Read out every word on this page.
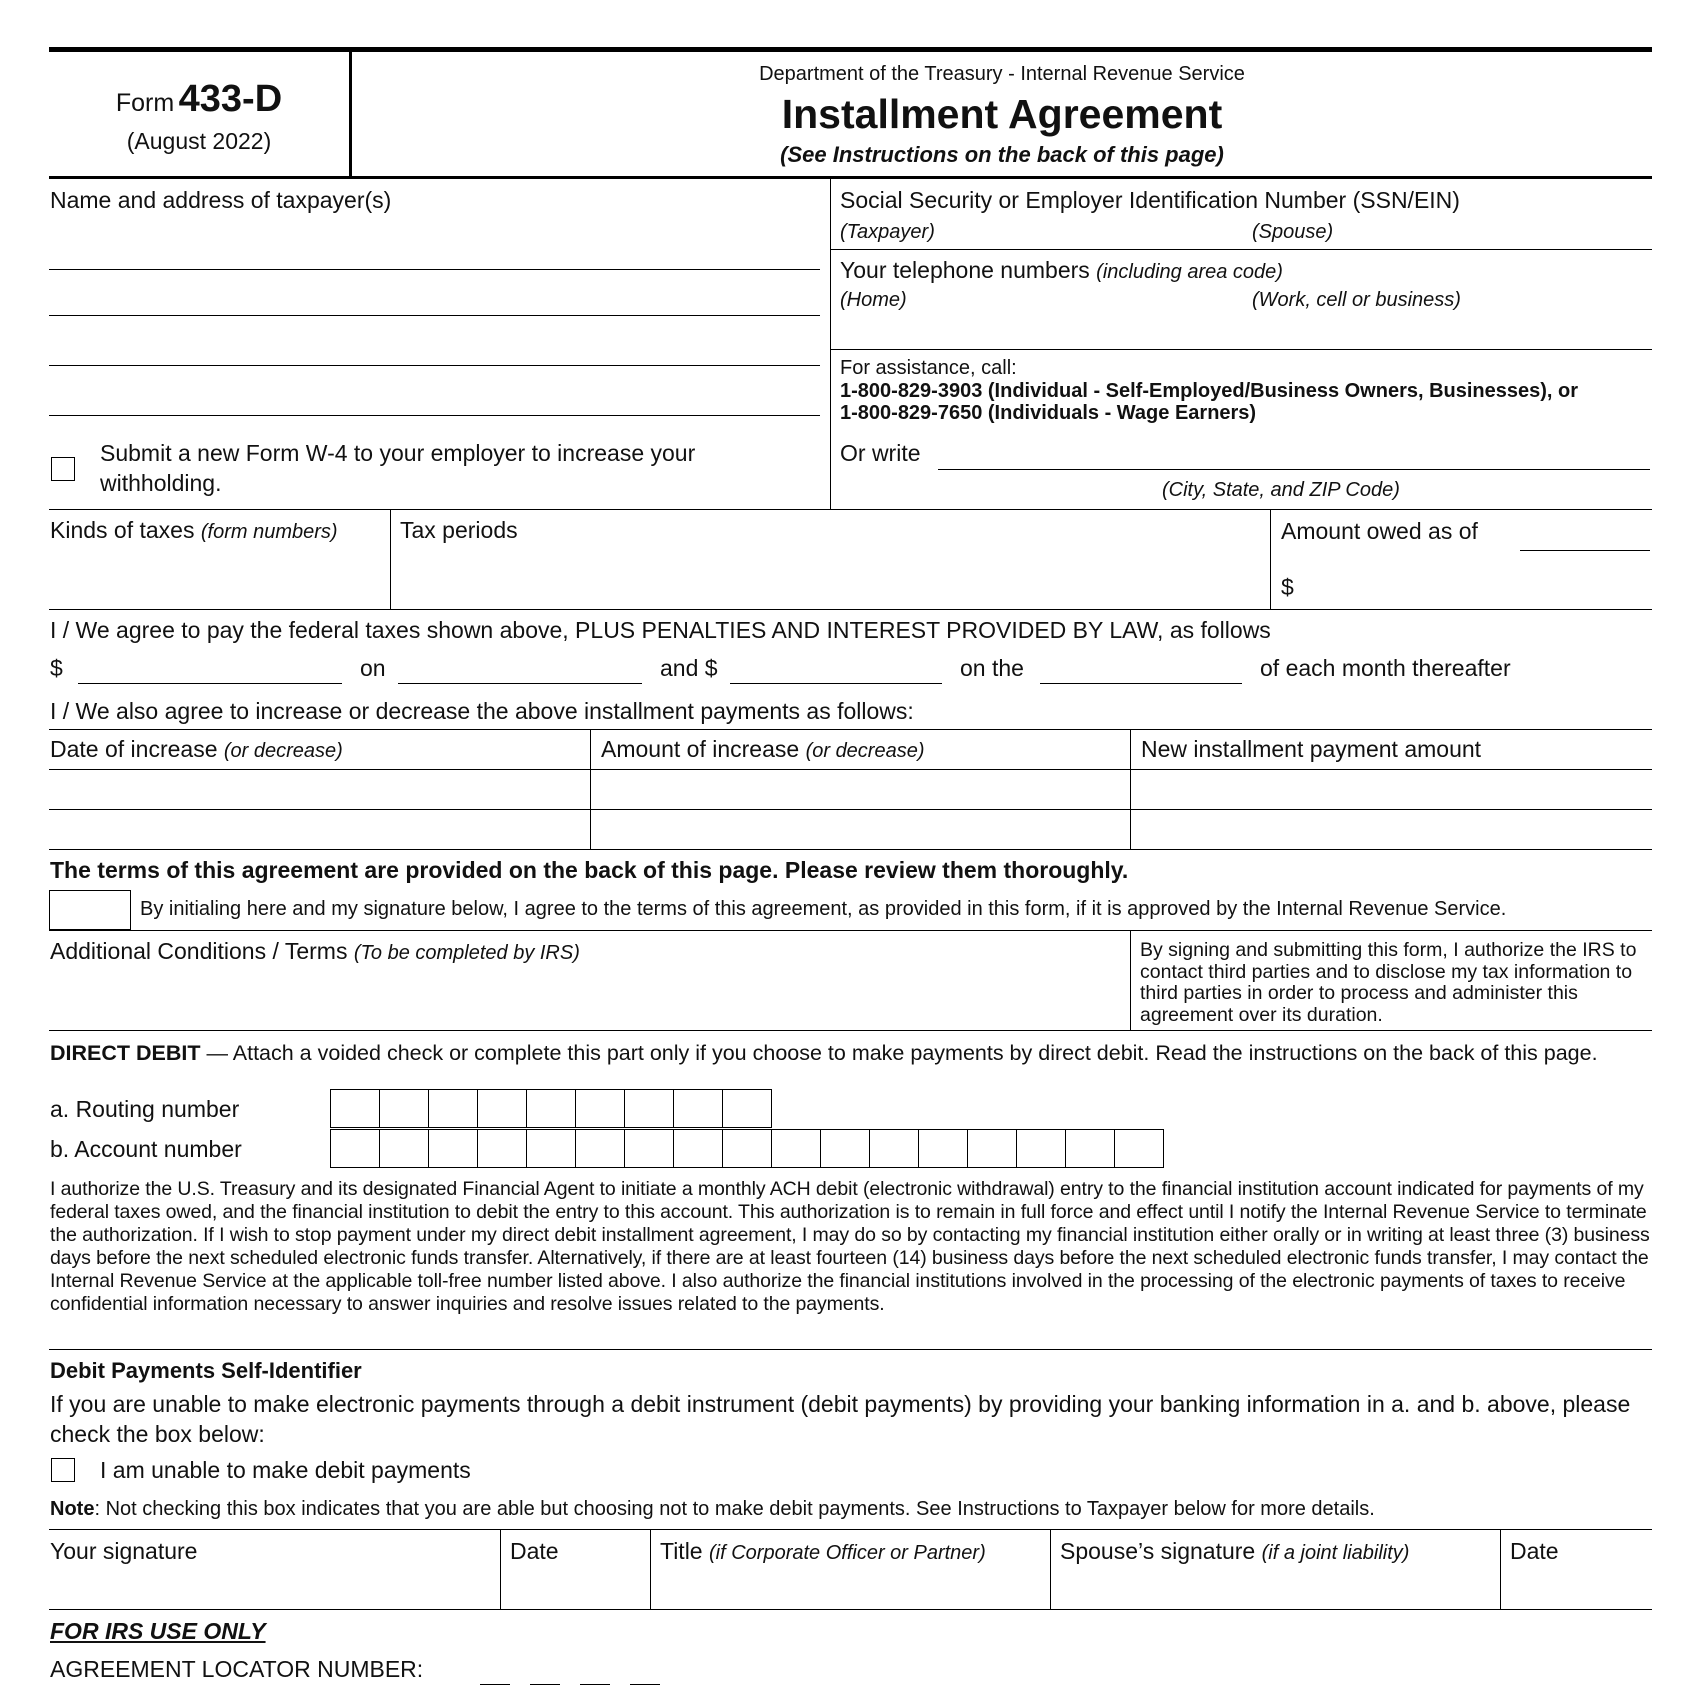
Form 433-D
(August 2022)
Department of the Treasury - Internal Revenue Service
Installment Agreement
(See Instructions on the back of this page)
Name and address of taxpayer(s)
Submit a new Form W-4 to your employer to increase your
withholding.
Social Security or Employer Identification Number (SSN/EIN)
(Taxpayer)	(Spouse)
Your telephone numbers (including area code)
(Home)	(Work, cell or business)
For assistance, call:
1-800-829-3903 (Individual - Self-Employed/Business Owners, Businesses), or
1-800-829-7650 (Individuals - Wage Earners)
Or write
(City, State, and ZIP Code)
Kinds of taxes (form numbers)	Tax periods	Amount owed as of
$
I / We agree to pay the federal taxes shown above, PLUS PENALTIES AND INTEREST PROVIDED BY LAW, as follows
$	on	and $	on the	of each month thereafter
I / We also agree to increase or decrease the above installment payments as follows:
Date of increase (or decrease)	Amount of increase (or decrease)	New installment payment amount
The terms of this agreement are provided on the back of this page. Please review them thoroughly.
By initialing here and my signature below, I agree to the terms of this agreement, as provided in this form, if it is approved by the Internal Revenue Service.
Additional Conditions / Terms (To be completed by IRS)	By signing and submitting this form, I authorize the IRS to contact third parties and to disclose my tax information to third parties in order to process and administer this agreement over its duration.
DIRECT DEBIT — Attach a voided check or complete this part only if you choose to make payments by direct debit. Read the instructions on the back of this page.
a. Routing number
b. Account number
I authorize the U.S. Treasury and its designated Financial Agent to initiate a monthly ACH debit (electronic withdrawal) entry to the financial institution account indicated for payments of my federal taxes owed, and the financial institution to debit the entry to this account. This authorization is to remain in full force and effect until I notify the Internal Revenue Service to terminate the authorization. If I wish to stop payment under my direct debit installment agreement, I may do so by contacting my financial institution either orally or in writing at least three (3) business days before the next scheduled electronic funds transfer. Alternatively, if there are at least fourteen (14) business days before the next scheduled electronic funds transfer, I may contact the Internal Revenue Service at the applicable toll-free number listed above. I also authorize the financial institutions involved in the processing of the electronic payments of taxes to receive confidential information necessary to answer inquiries and resolve issues related to the payments.
Debit Payments Self-Identifier
If you are unable to make electronic payments through a debit instrument (debit payments) by providing your banking information in a. and b. above, please check the box below:
I am unable to make debit payments
Note: Not checking this box indicates that you are able but choosing not to make debit payments. See Instructions to Taxpayer below for more details.
Your signature	Date	Title (if Corporate Officer or Partner)	Spouse’s signature (if a joint liability)	Date
FOR IRS USE ONLY
AGREEMENT LOCATOR NUMBER:
